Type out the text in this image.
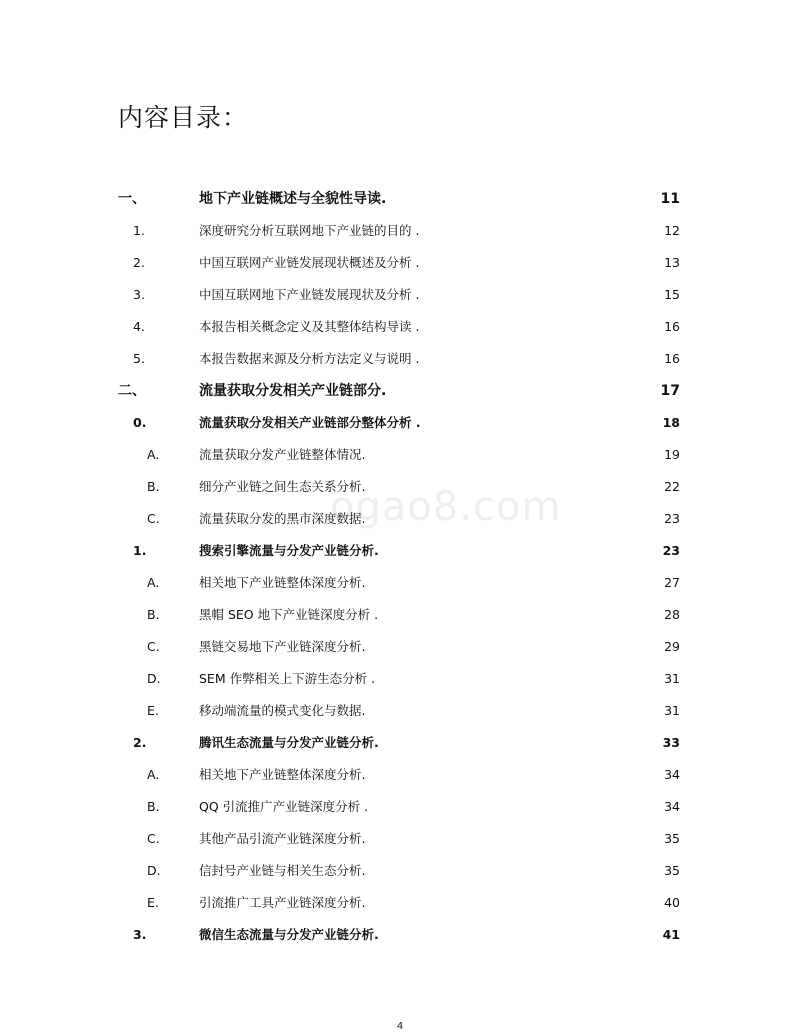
内容目录：
ogao8.com
一、	地下产业链概述与全貌性导读. .....	11
1.	深度研究分析互联网地下产业链的目的 . .....	12
2.	中国互联网产业链发展现状概述及分析 . .....	13
3.	中国互联网地下产业链发展现状及分析 . .....	15
4.	本报告相关概念定义及其整体结构导读 . .....	16
5.	本报告数据来源及分析方法定义与说明 . .....	16
二、	流量获取分发相关产业链部分. .....	17
0.	流量获取分发相关产业链部分整体分析 . .....	18
A.	流量获取分发产业链整体情况. .....	19
B.	细分产业链之间生态关系分析. .....	22
C.	流量获取分发的黑市深度数据. .....	23
1.	搜索引擎流量与分发产业链分析. .....	23
A.	相关地下产业链整体深度分析. .....	27
B.	黑帽 SEO 地下产业链深度分析 . .....	28
C.	黑链交易地下产业链深度分析. .....	29
D.	SEM 作弊相关上下游生态分析 . .....	31
E.	移动端流量的模式变化与数据. .....	31
2.	腾讯生态流量与分发产业链分析. .....	33
A.	相关地下产业链整体深度分析. .....	34
B.	QQ 引流推广产业链深度分析 . .....	34
C.	其他产品引流产业链深度分析. .....	35
D.	信封号产业链与相关生态分析. .....	35
E.	引流推广工具产业链深度分析. .....	40
3.	微信生态流量与分发产业链分析. .....	41
4
